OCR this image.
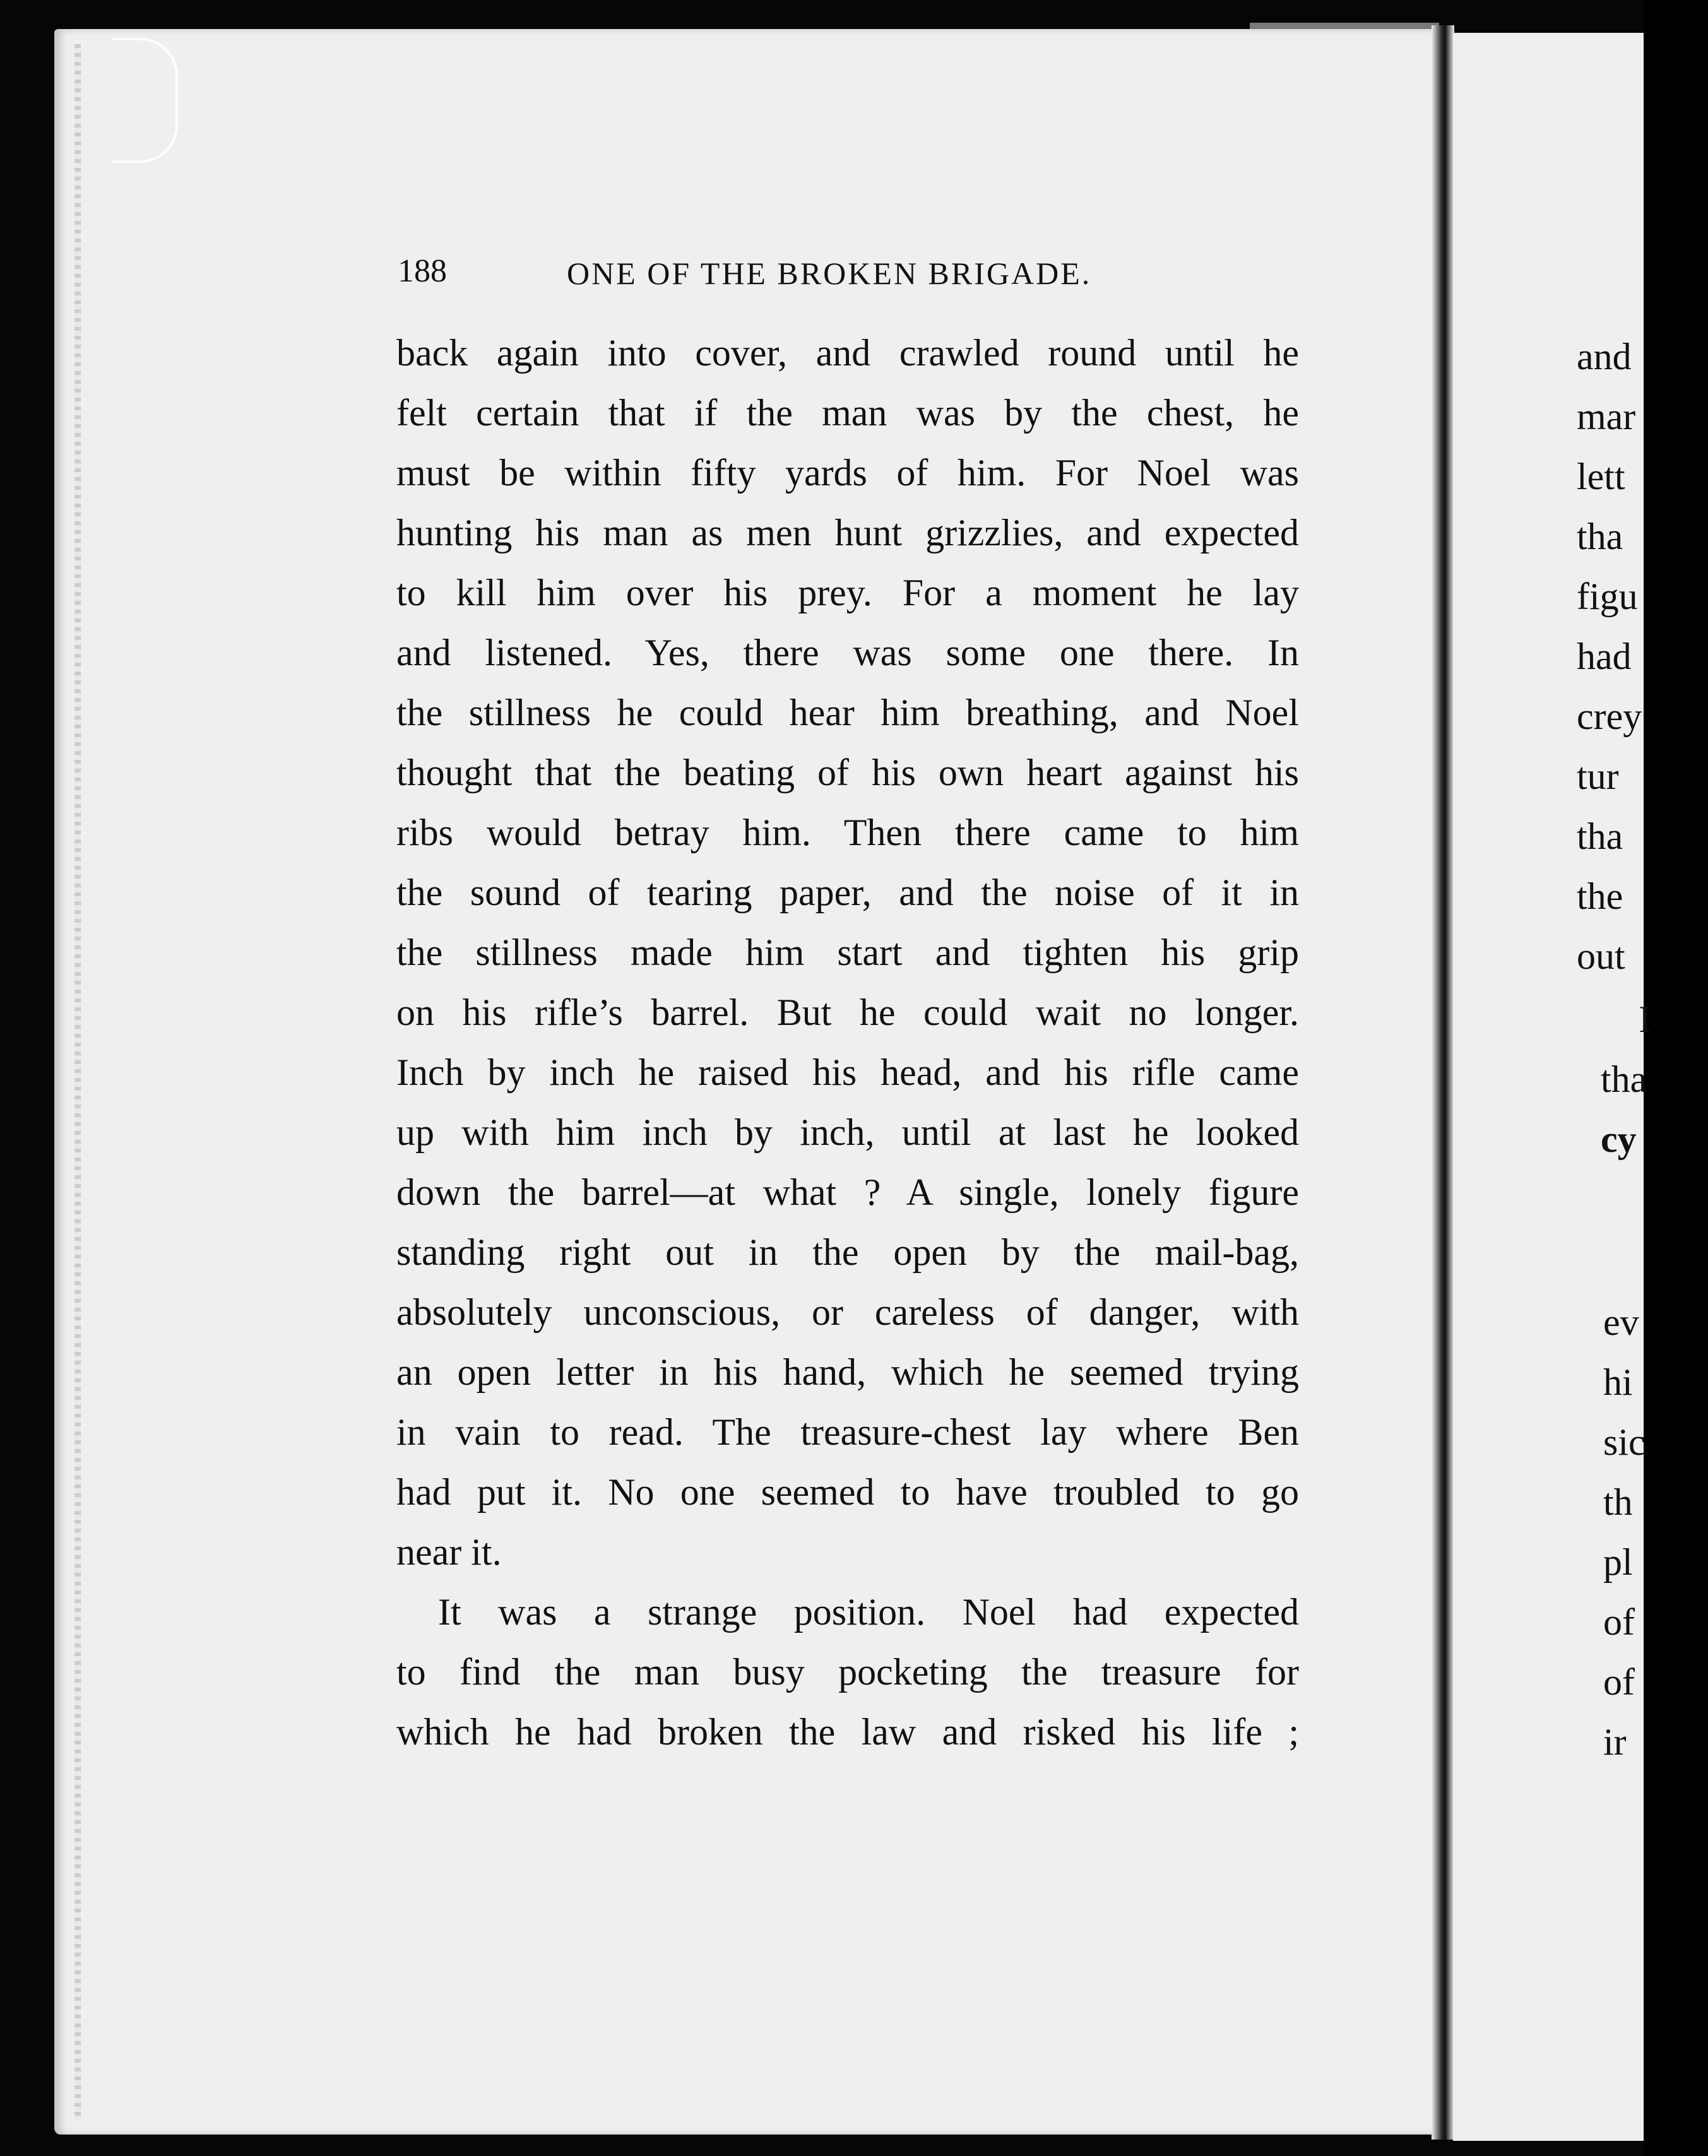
188	ONE OF THE BROKEN BRIGADE.
back again into cover, and crawled round until he
felt certain that if the man was by the chest, he
must be within fifty yards of him. For Noel was
hunting his man as men hunt grizzlies, and expected
to kill him over his prey. For a moment he lay
and listened. Yes, there was some one there. In
the stillness he could hear him breathing, and Noel
thought that the beating of his own heart against his
ribs would betray him. Then there came to him
the sound of tearing paper, and the noise of it in
the stillness made him start and tighten his grip
on his rifle’s barrel. But he could wait no longer.
Inch by inch he raised his head, and his rifle came
up with him inch by inch, until at last he looked
down the barrel—at what ? A single, lonely figure
standing right out in the open by the mail-bag,
absolutely unconscious, or careless of danger, with
an open letter in his hand, which he seemed trying
in vain to read. The treasure-chest lay where Ben
had put it. No one seemed to have troubled to go
near it.
It was a strange position. Noel had expected
to find the man busy pocketing the treasure for
which he had broken the law and risked his life ;
and
mar
lett
tha
figu
had
crey
tur
tha
the
out
I
tha
cy
ev
hi
sic
th
pl
of
of
ir
